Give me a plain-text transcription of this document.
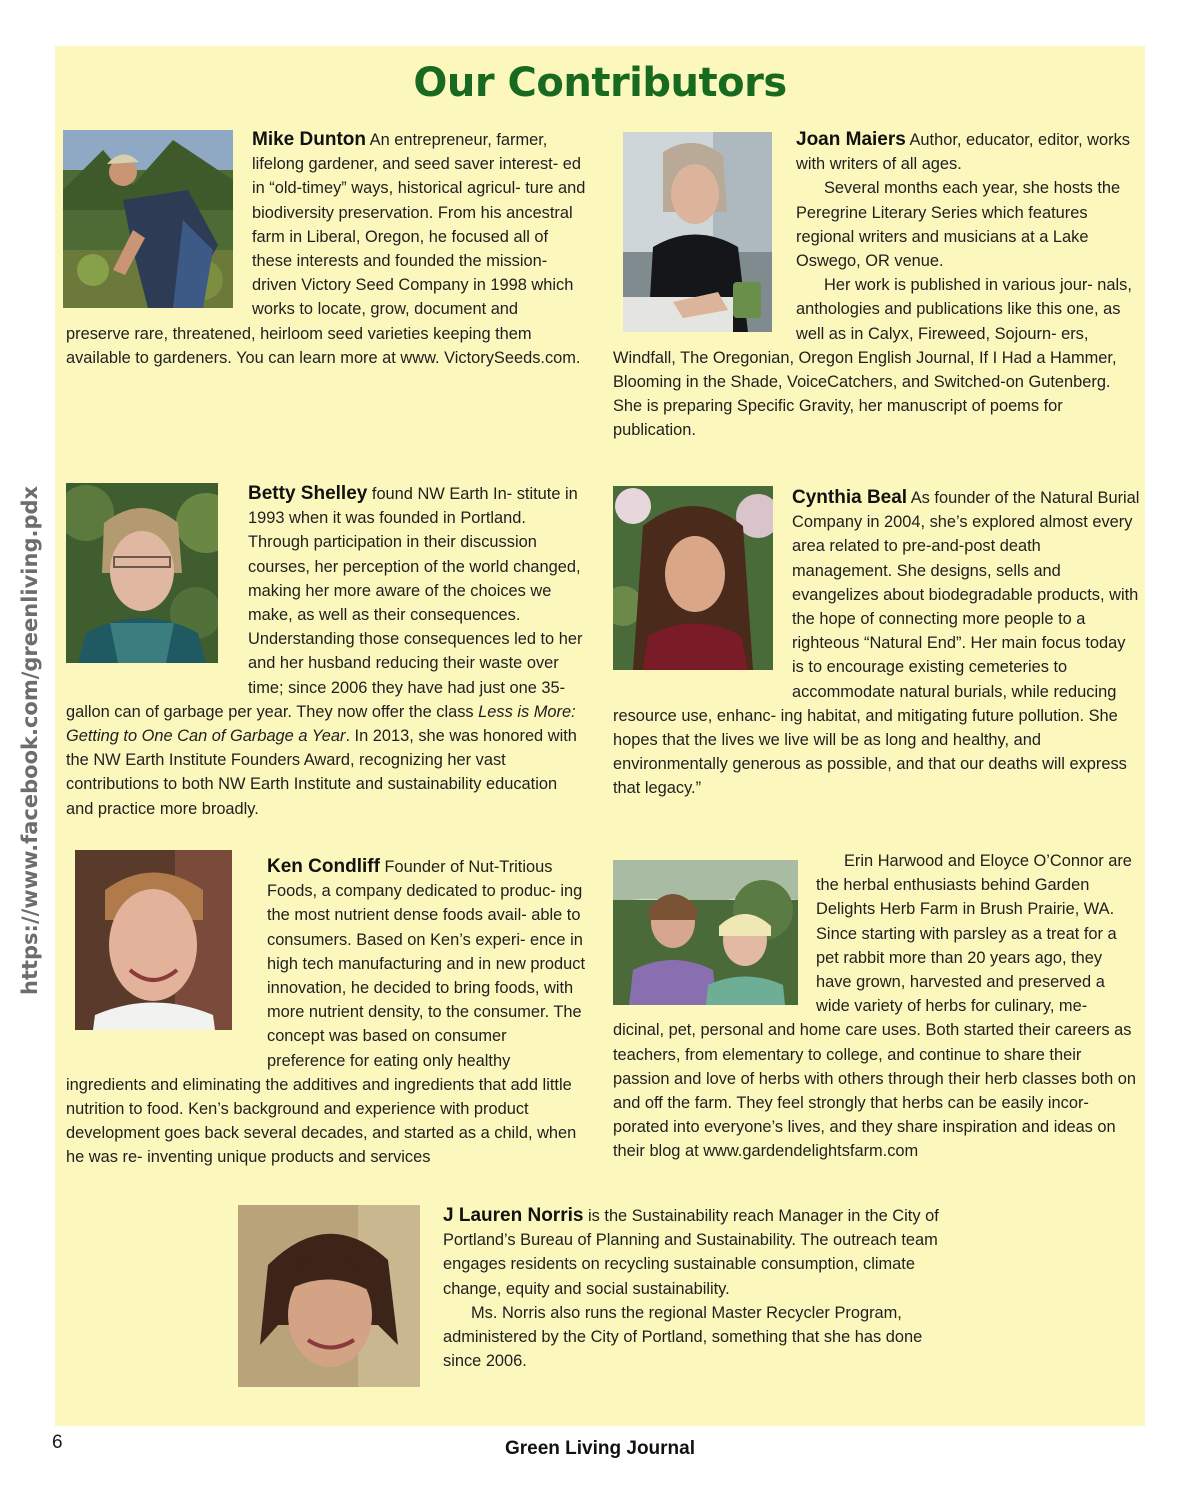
Our Contributors
https://www.facebook.com/greenliving.pdx
Mike Dunton An entrepreneur, farmer, lifelong gardener, and seed saver interest- ed in “old-timey” ways, historical agricul- ture and biodiversity preservation. From his ancestral farm in Liberal, Oregon, he focused all of these interests and founded the mission-driven Victory Seed Company in 1998 which works to locate, grow, document and preserve rare, threatened, heirloom seed varieties keeping them available to gardeners. You can learn more at www. VictorySeeds.com.

Joan Maiers Author, educator, editor, works with writers of all ages.

Several months each year, she hosts the Peregrine Literary Series which features regional writers and musicians at a Lake Oswego, OR venue.

Her work is published in various jour- nals, anthologies and publications like this one, as well as in Calyx, Fireweed, Sojourn- ers, Windfall, The Oregonian, Oregon English Journal, If I Had a Hammer, Blooming in the Shade, VoiceCatchers, and Switched-on Gutenberg. She is preparing Specific Gravity, her manuscript of poems for publication.

Betty Shelley found NW Earth In- stitute in 1993 when it was founded in Portland. Through participation in their discussion courses, her perception of the world changed, making her more aware of the choices we make, as well as their consequences. Understanding those consequences led to her and her husband reducing their waste over time; since 2006 they have had just one 35-gallon can of garbage per year. They now offer the class Less is More: Getting to One Can of Garbage a Year. In 2013, she was honored with the NW Earth Institute Founders Award, recognizing her vast contributions to both NW Earth Institute and sustainability education and practice more broadly.
Cynthia Beal As founder of the Natural Burial Company in 2004, she’s explored almost every area related to pre-and-post death management. She designs, sells and evangelizes about biodegradable products, with the hope of connecting more people to a righteous “Natural End”. Her main focus today is to encourage existing cemeteries to accommodate natural burials, while reducing resource use, enhanc- ing habitat, and mitigating future pollution. She hopes that the lives we live will be as long and healthy, and environmentally generous as possible, and that our deaths will express that legacy.”
Ken Condliff Founder of Nut-Tritious Foods, a company dedicated to produc- ing the most nutrient dense foods avail- able to consumers. Based on Ken’s experi- ence in high tech manufacturing and in new product innovation, he decided to bring foods, with more nutrient density, to the consumer. The concept was based on consumer preference for eating only healthy ingredients and eliminating the additives and ingredients that add little nutrition to food. Ken’s background and experience with product development goes back several decades, and started as a child, when he was re- inventing unique products and services

Erin Harwood and Eloyce O’Connor are the herbal enthusiasts behind Garden Delights Herb Farm in Brush Prairie, WA. Since starting with parsley as a treat for a pet rabbit more than 20 years ago, they have grown, harvested and preserved a wide variety of herbs for culinary, me- dicinal, pet, personal and home care uses. Both started their careers as teachers, from elementary to college, and continue to share their passion and love of herbs with others through their herb classes both on and off the farm. They feel strongly that herbs can be easily incor- porated into everyone’s lives, and they share inspiration and ideas on their blog at www.gardendelightsfarm.com

J Lauren Norris is the Sustainability reach Manager in the City of Portland’s Bureau of Planning and Sustainability. The outreach team engages residents on recycling sustainable consumption, climate change, equity and social sustainability.

Ms. Norris also runs the regional Master Recycler Program, administered by the City of Portland, something that she has done since 2006.

6	Green Living Journal
